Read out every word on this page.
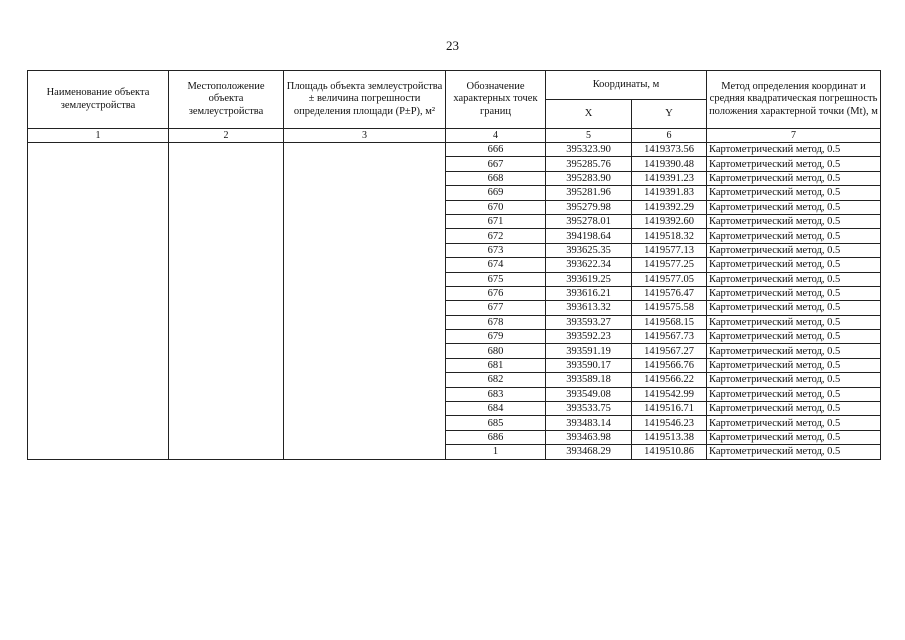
23
Наименование объекта землеустройства	Местоположение объекта землеустройства	Площадь объекта землеустройства ± величина погрешности определения площади (P±P), м²	Обозначение характерных точек границ	Координаты, м		Метод определения координат и средняя квадратическая погрешность положения характерной точки (Mt), м
				X	Y	
1	2	3	4	5	6	7
			666	395323.90	1419373.56	Картометрический метод, 0.5
			667	395285.76	1419390.48	Картометрический метод, 0.5
			668	395283.90	1419391.23	Картометрический метод, 0.5
			669	395281.96	1419391.83	Картометрический метод, 0.5
			670	395279.98	1419392.29	Картометрический метод, 0.5
			671	395278.01	1419392.60	Картометрический метод, 0.5
			672	394198.64	1419518.32	Картометрический метод, 0.5
			673	393625.35	1419577.13	Картометрический метод, 0.5
			674	393622.34	1419577.25	Картометрический метод, 0.5
			675	393619.25	1419577.05	Картометрический метод, 0.5
			676	393616.21	1419576.47	Картометрический метод, 0.5
			677	393613.32	1419575.58	Картометрический метод, 0.5
			678	393593.27	1419568.15	Картометрический метод, 0.5
			679	393592.23	1419567.73	Картометрический метод, 0.5
			680	393591.19	1419567.27	Картометрический метод, 0.5
			681	393590.17	1419566.76	Картометрический метод, 0.5
			682	393589.18	1419566.22	Картометрический метод, 0.5
			683	393549.08	1419542.99	Картометрический метод, 0.5
			684	393533.75	1419516.71	Картометрический метод, 0.5
			685	393483.14	1419546.23	Картометрический метод, 0.5
			686	393463.98	1419513.38	Картометрический метод, 0.5
			1	393468.29	1419510.86	Картометрический метод, 0.5
